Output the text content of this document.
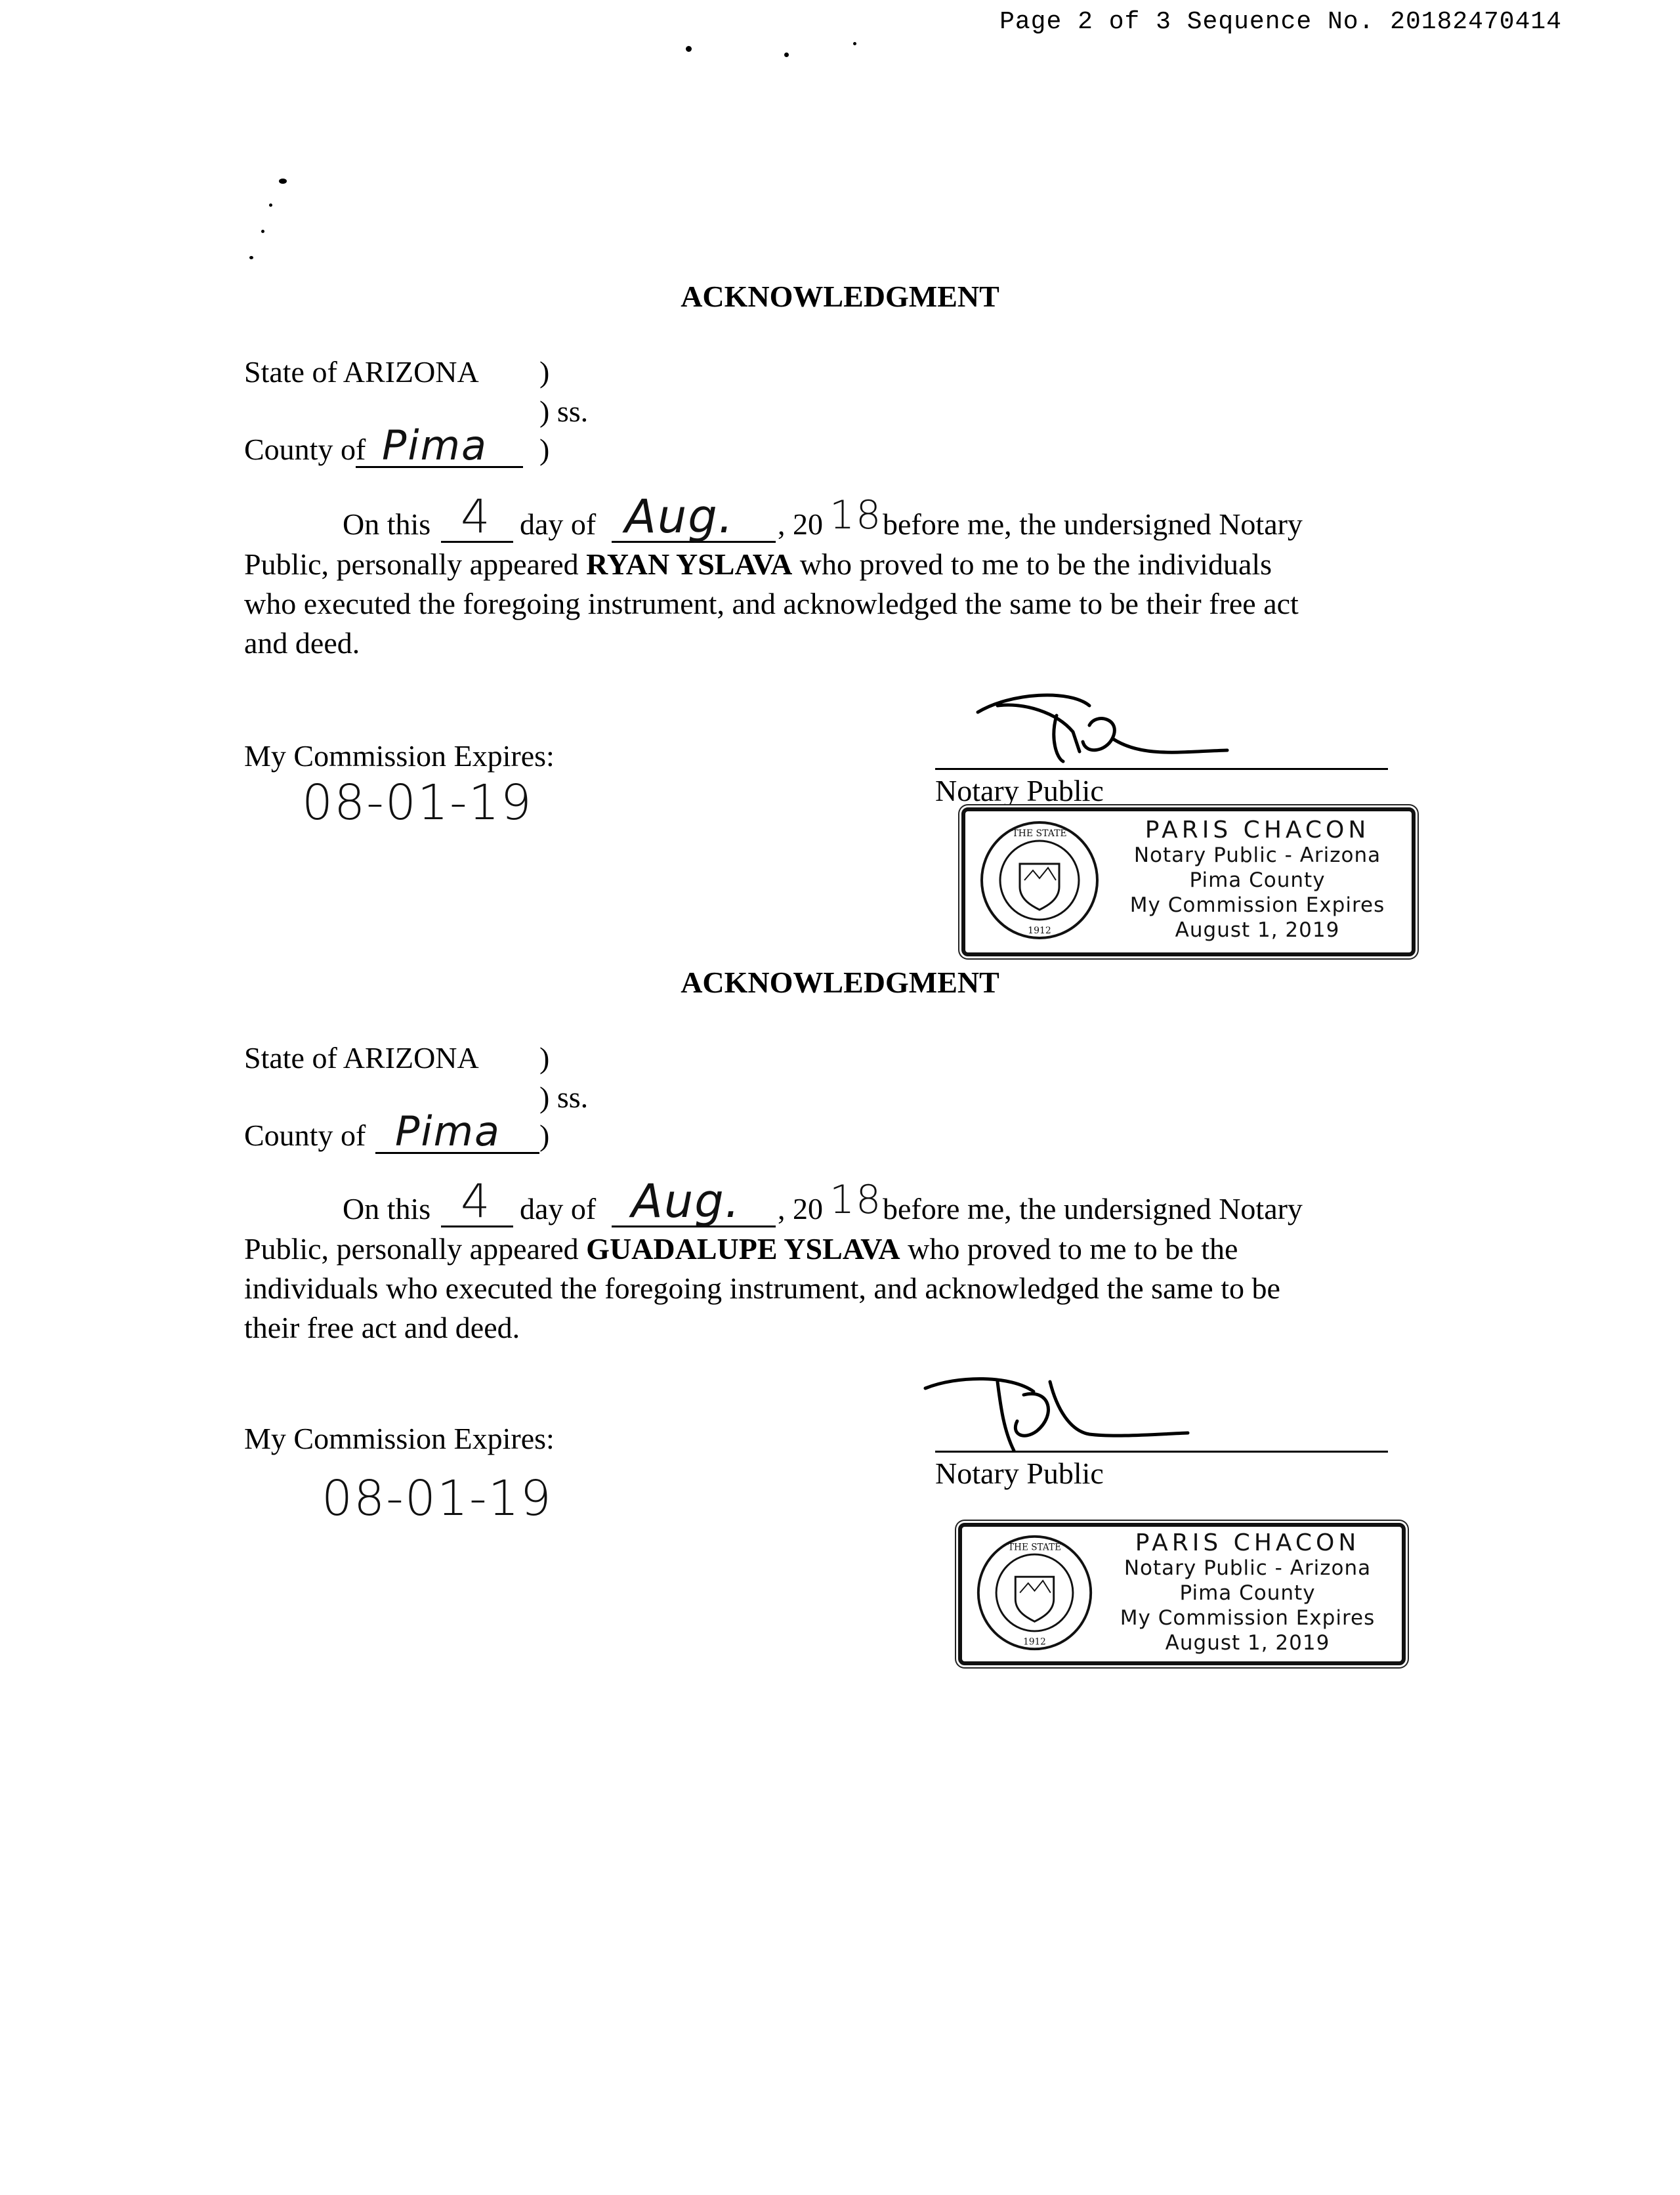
Page 2 of 3 Sequence No. 20182470414
ACKNOWLEDGMENT
State of ARIZONA )
) ss.
County of Pima )
On this 4 day of Aug. , 20 18 before me, the undersigned Notary
Public, personally appeared RYAN YSLAVA who proved to me to be the individuals
who executed the foregoing instrument, and acknowledged the same to be their free act
and deed.
My Commission Expires:
08-01-19	Notary Public
THE STATE
1912
PARIS CHACON
Notary Public - Arizona
Pima County
My Commission Expires
August 1, 2019
ACKNOWLEDGMENT
State of ARIZONA )
) ss.
County of Pima )
On this 4 day of Aug. , 20 18 before me, the undersigned Notary
Public, personally appeared GUADALUPE YSLAVA who proved to me to be the
individuals who executed the foregoing instrument, and acknowledged the same to be
their free act and deed.
My Commission Expires:
08-01-19	Notary Public
THE STATE
1912
PARIS CHACON
Notary Public - Arizona
Pima County
My Commission Expires
August 1, 2019
